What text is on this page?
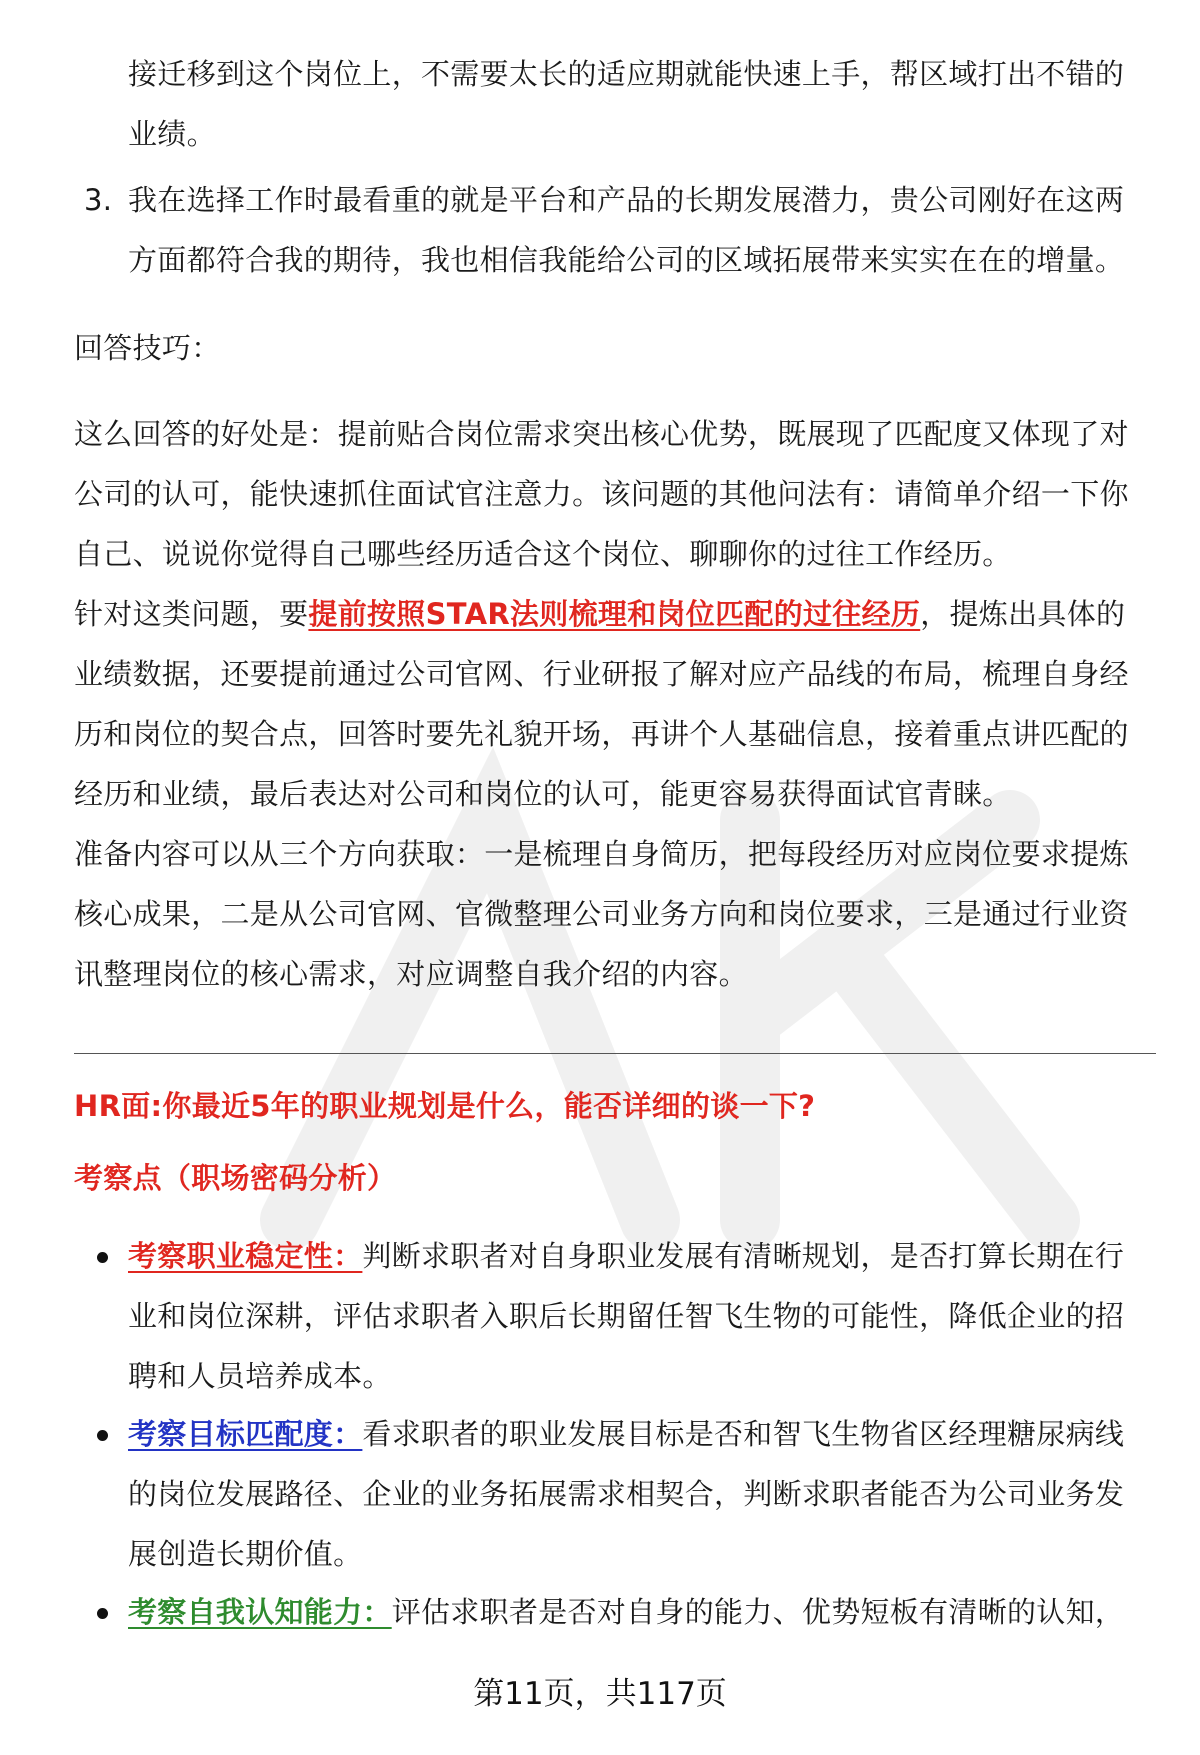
接迁移到这个岗位上，不需要太长的适应期就能快速上手，帮区域打出不错的

业绩。

3. 我在选择工作时最看重的就是平台和产品的长期发展潜力，贵公司刚好在这两

方面都符合我的期待，我也相信我能给公司的区域拓展带来实实在在的增量。

回答技巧：

这么回答的好处是：提前贴合岗位需求突出核心优势，既展现了匹配度又体现了对

公司的认可，能快速抓住面试官注意力。该问题的其他问法有：请简单介绍一下你

自己、说说你觉得自己哪些经历适合这个岗位、聊聊你的过往工作经历。

针对这类问题，要提前按照STAR法则梳理和岗位匹配的过往经历，提炼出具体的

业绩数据，还要提前通过公司官网、行业研报了解对应产品线的布局，梳理自身经

历和岗位的契合点，回答时要先礼貌开场，再讲个人基础信息，接着重点讲匹配的

经历和业绩，最后表达对公司和岗位的认可，能更容易获得面试官青睐。

准备内容可以从三个方向获取：一是梳理自身简历，把每段经历对应岗位要求提炼

核心成果，二是从公司官网、官微整理公司业务方向和岗位要求，三是通过行业资

讯整理岗位的核心需求，对应调整自我介绍的内容。

HR面:你最近5年的职业规划是什么，能否详细的谈一下?

考察点（职场密码分析）

考察职业稳定性：判断求职者对自身职业发展有清晰规划，是否打算长期在行

业和岗位深耕，评估求职者入职后长期留任智飞生物的可能性，降低企业的招

聘和人员培养成本。

考察目标匹配度：看求职者的职业发展目标是否和智飞生物省区经理糖尿病线

的岗位发展路径、企业的业务拓展需求相契合，判断求职者能否为公司业务发

展创造长期价值。

考察自我认知能力：评估求职者是否对自身的能力、优势短板有清晰的认知，

第11页，共117页
